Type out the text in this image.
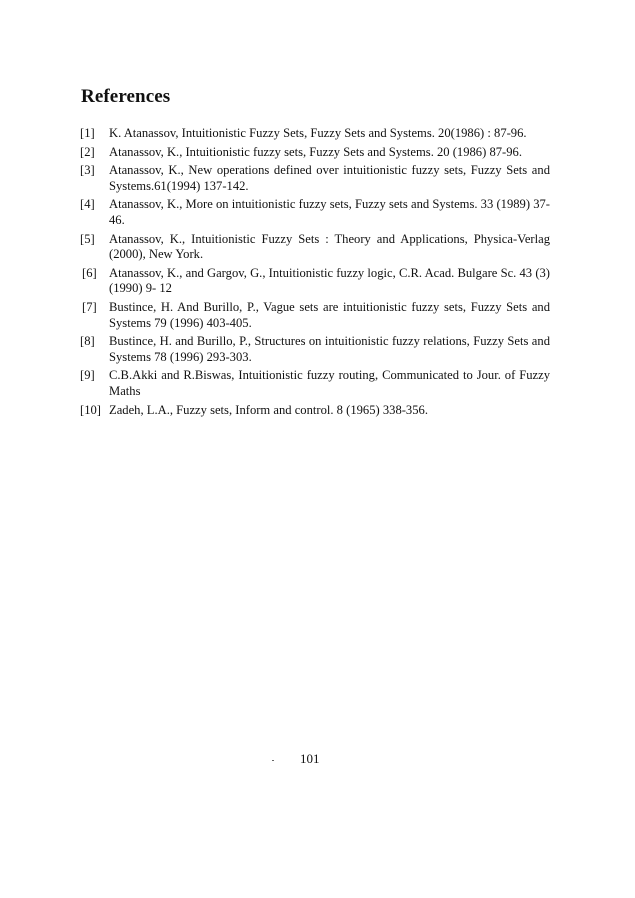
References
[1] K. Atanassov, Intuitionistic Fuzzy Sets, Fuzzy Sets and Systems. 20(1986) : 87-96.
[2] Atanassov, K., Intuitionistic fuzzy sets, Fuzzy Sets and Systems. 20 (1986) 87-96.
[3] Atanassov, K., New operations defined over intuitionistic fuzzy sets, Fuzzy Sets and Systems.61(1994) 137-142.
[4] Atanassov, K., More on intuitionistic fuzzy sets, Fuzzy sets and Systems. 33 (1989) 37-46.
[5] Atanassov, K., Intuitionistic Fuzzy Sets : Theory and Applications, Physica-Verlag (2000), New York.
[6] Atanassov, K., and Gargov, G., Intuitionistic fuzzy logic, C.R. Acad. Bulgare Sc. 43 (3) (1990) 9- 12
[7] Bustince, H. And Burillo, P., Vague sets are intuitionistic fuzzy sets, Fuzzy Sets and Systems 79 (1996) 403-405.
[8] Bustince, H. and Burillo, P., Structures on intuitionistic fuzzy relations, Fuzzy Sets and Systems 78 (1996) 293-303.
[9] C.B.Akki and R.Biswas, Intuitionistic fuzzy routing, Communicated to Jour. of Fuzzy Maths
[10] Zadeh, L.A., Fuzzy sets, Inform and control. 8 (1965) 338-356.
101
